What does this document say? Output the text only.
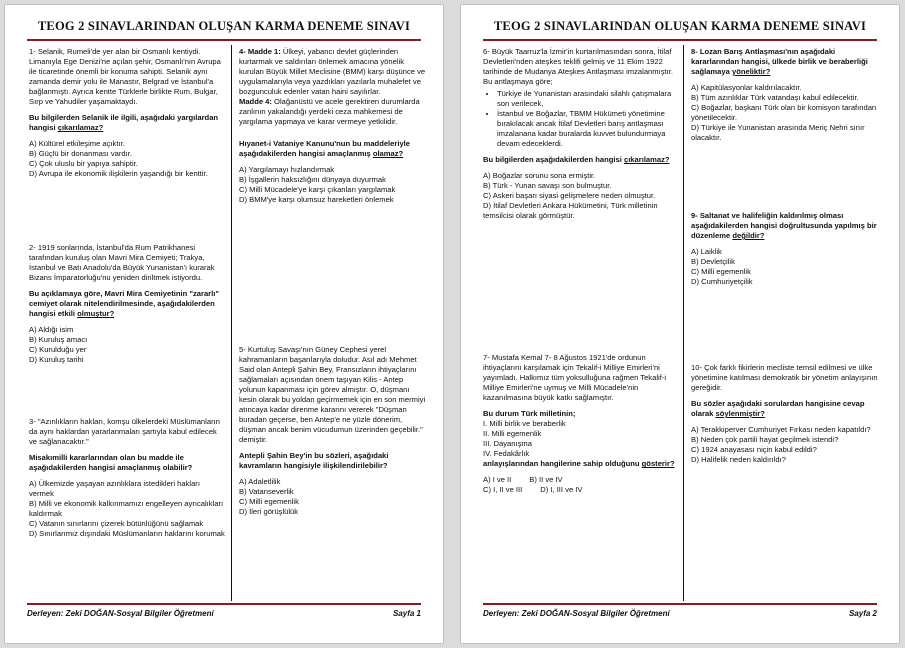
TEOG 2 SINAVLARINDAN OLUŞAN KARMA DENEME SINAVI

1- Selanik, Rumeli'de yer alan bir Osmanlı kentiydi. Limanıyla Ege Denizi'ne açılan şehir, Osmanlı'nın Avrupa ile ticaretinde önemli bir konuma sahipti. Selanik aynı zamanda demir yolu ile Manastır, Belgrad ve İstanbul'a bağlanmıştı. Ayrıca kentte Türklerle birlikte Rum, Bulgar, Sırp ve Yahudiler yaşamaktaydı.

Bu bilgilerden Selanik ile ilgili, aşağıdaki yargılardan hangisi çıkarılamaz?

A) Kültürel etkileşime açıktır.

B) Güçlü bir donanması vardır.

C) Çok uluslu bir yapıya sahiptir.

D) Avrupa ile ekonomik ilişkilerin yaşandığı bir kenttir.

2- 1919 sonlarında, İstanbul'da Rum Patrikhanesi tarafından kuruluş olan Mavri Mira Cemiyeti; Trakya, İstanbul ve Batı Anadolu'da Büyük Yunanistan'ı kurarak Bizans İmparatorluğu'nu yeniden diriltmek istiyordu.

Bu açıklamaya göre, Mavri Mira Cemiyetinin "zararlı" cemiyet olarak nitelendirilmesinde, aşağıdakilerden hangisi etkili olmuştur?

A) Aldığı isim

B) Kuruluş amacı

C) Kurulduğu yer

D) Kuruluş tarihi

3- "Azınlıkların hakları, komşu ülkelerdeki Müslümanların da aynı haklardan yararlanmaları şartıyla kabul edilecek ve sağlanacaktır."

Misakımilli kararlarından olan bu madde ile aşağıdakilerden hangisi amaçlanmış olabilir?

A) Ülkemizde yaşayan azınlıklara istedikleri hakları vermek

B) Milli ve ekonomik kalkınmamızı engelleyen ayrıcalıkları kaldırmak

C) Vatanın sınırlarını çizerek bütünlüğünü sağlamak

D) Sınırlarımız dışındaki Müslümanların haklarını korumak

4- Madde 1: Ülkeyi, yabancı devlet güçlerinden kurtarmak ve saldırıları önlemek amacına yönelik kurulan Büyük Millet Meclisine (BMM) karşı düşünce ve uygulamalarıyla veya yazdıkları yazılarla muhalefet ve bozgunculuk edenler vatan haini sayılırlar.

Madde 4: Olağanüstü ve acele gerektiren durumlarda zanlının yakalandığı yerdeki ceza mahkemesi de yargılama yapmaya ve karar vermeye yetkilidir.

Hıyanet-i Vataniye Kanunu'nun bu maddeleriyle aşağıdakilerden hangisi amaçlanmış olamaz?

A) Yargılamayı hızlandırmak

B) İşgallerin haksızlığını dünyaya duyurmak

C) Milli Mücadele'ye karşı çıkanları yargılamak

D) BMM'ye karşı olumsuz hareketleri önlemek

5- Kurtuluş Savaşı'nın Güney Cephesi yerel kahramanların başarılarıyla doludur. Asıl adı Mehmet Said olan Antepli Şahin Bey, Fransızların ihtiyaçlarını sağlamaları açısından önem taşıyan Kilis - Antep yolunun kapanması için görev almıştır. O, düşmanı kesin olarak bu yoldan geçirmemek için en son mermiyi atıncaya kadar direnme kararını vererek "Düşman buradan geçerse, ben Antep'e ne yüzle dönerim, düşman ancak benim vücudumun üzerinden geçebilir." demiştir.

Antepli Şahin Bey'in bu sözleri, aşağıdaki kavramların hangisiyle ilişkilendirilebilir?

A) Adaletlilik

B) Vatanseverlik

C) Milli egemenlik

D) İleri görüşlülük

Derleyen: Zeki DOĞAN-Sosyal Bilgiler Öğretmeni	Sayfa 1
TEOG 2 SINAVLARINDAN OLUŞAN KARMA DENEME SINAVI

6- Büyük Taarruz'la İzmir'in kurtarılmasından sonra, İtilaf Devletleri'nden ateşkes teklifi gelmiş ve 11 Ekim 1922 tarihinde de Mudanya Ateşkes Antlaşması imzalanmıştır. Bu antlaşmaya göre;

• Türkiye ile Yunanistan arasındaki silahlı çatışmalara son verilecek,
• İstanbul ve Boğazlar, TBMM Hükümeti yönetimine bırakılacak ancak İtilaf Devletleri barış antlaşması imzalanana kadar buralarda kuvvet bulundurmaya devam edeceklerdi.

Bu bilgilerden aşağıdakilerden hangisi çıkarılamaz?

A) Boğazlar sorunu sona ermiştir.

B) Türk - Yunan savaşı son bulmuştur.

C) Askeri başarı siyasi gelişmelere neden olmuştur.

D) İtilaf Devletleri Ankara Hükümetini, Türk milletinin temsilcisi olarak görmüştür.

7- Mustafa Kemal 7- 8 Ağustos 1921'de ordunun ihtiyaçlarını karşılamak için Tekalif-i Milliye Emirleri'ni yayımladı. Halkımız tüm yoksulluğuna rağmen Tekalif-i Milliye Emirleri'ne uymuş ve Milli Mücadele'nin kazanılmasına büyük katkı sağlamıştır.

Bu durum Türk milletinin;

I. Milli birlik ve beraberlik

II. Milli egemenlik

III. Dayanışma

IV. Fedakârlık

anlayışlarından hangilerine sahip olduğunu gösterir?

A) I ve II B) II ve IV
C) I, II ve III D) I, III ve IV

8- Lozan Barış Antlaşması'nın aşağıdaki kararlarından hangisi, ülkede birlik ve beraberliği sağlamaya yöneliktir?

A) Kapitülasyonlar kaldırılacaktır.

B) Tüm azınlıklar Türk vatandaşı kabul edilecektir.

C) Boğazlar, başkanı Türk olan bir komisyon tarafından yönetilecektir.

D) Türkiye ile Yunanistan arasında Meriç Nehri sınır olacaktır.

9- Saltanat ve halifeliğin kaldırılmış olması aşağıdakilerden hangisi doğrultusunda yapılmış bir düzenleme değildir?

A) Laiklik

B) Devletçilik

C) Milli egemenlik

D) Cumhuriyetçilik

10- Çok farklı fikirlerin mecliste temsil edilmesi ve ülke yönetimine katılması demokratik bir yönetim anlayışının gereğidir.

Bu sözler aşağıdaki sorulardan hangisine cevap olarak söylenmiştir?

A) Terakkiperver Cumhuriyet Fırkası neden kapatıldı?

B) Neden çok partili hayat geçilmek istendi?

C) 1924 anayasası niçin kabul edildi?

D) Halifelik neden kaldırıldı?

Derleyen: Zeki DOĞAN-Sosyal Bilgiler Öğretmeni	Sayfa 2
